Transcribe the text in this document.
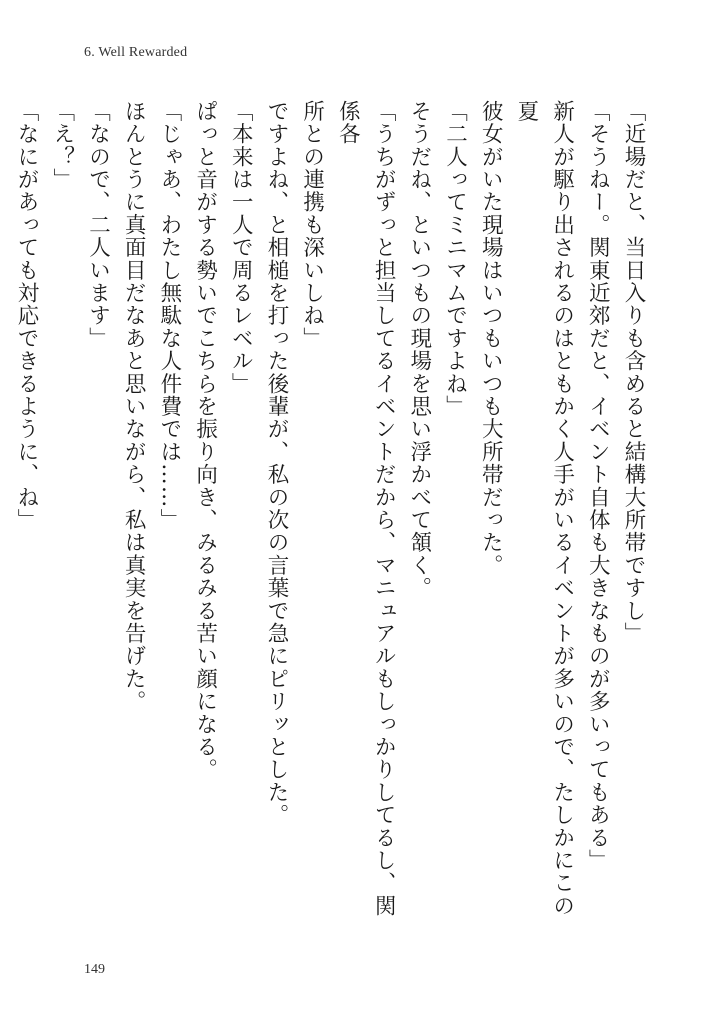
6. Well Rewarded

「近場だと、当日入りも含めると結構大所帯ですし」

「そうねー。関東近郊だと、イベント自体も大きなものが多いってもある」

新人が駆り出されるのはともかく人手がいるイベントが多いので、たしかにこの夏

彼女がいた現場はいつもいつも大所帯だった。

「二人ってミニマムですよね」

そうだね、といつもの現場を思い浮かべて頷く。

「うちがずっと担当してるイベントだから、マニュアルもしっかりしてるし、関係各

所との連携も深いしね」

ですよね、と相槌を打った後輩が、私の次の言葉で急にピリッとした。

「本来は一人で周るレベル」

ぱっと音がする勢いでこちらを振り向き、みるみる苦い顔になる。

「じゃあ、わたし無駄な人件費では……」

ほんとうに真面目だなあと思いながら、私は真実を告げた。

「なので、二人います」

「え？」

「なにがあっても対応できるように、ね」

149
